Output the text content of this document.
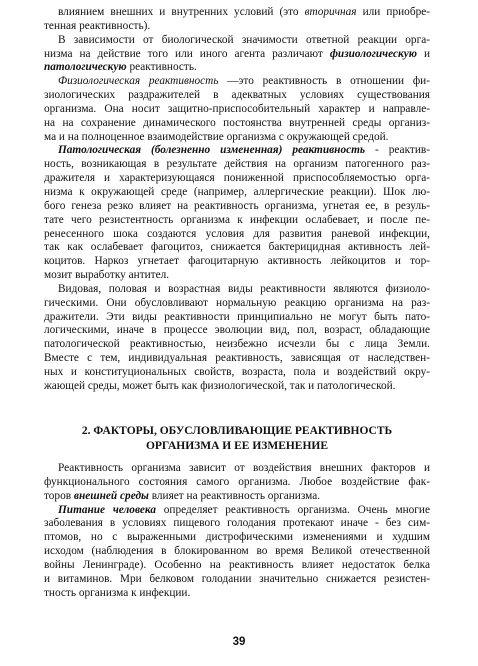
влиянием внешних и внутренних условий (это вторичная или приобре-
тенная реактивность).
В зависимости от биологической значимости ответной реакции орга-
низма на действие того или иного агента различают физиологическую и
патологическую реактивность.
Физиологическая реактивность —это реактивность в отношении фи-
зиологических раздражителей в адекватных условиях существования
организма. Она носит защитно-приспособительный характер и направле-
на на сохранение динамического постоянства внутренней среды организ-
ма и на полноценное взаимодействие организма с окружающей средой.
Патологическая (болезненно измененная) реактивность - реактив-
ность, возникающая в результате действия на организм патогенного раз-
дражителя и характеризующаяся пониженной приспособляемостью орга-
низма к окружающей среде (например, аллергические реакции). Шок лю-
бого генеза резко влияет на реактивность организма, угнетая ее, в резуль-
тате чего резистентность организма к инфекции ослабевает, и после пе-
ренесенного шока создаются условия для развития раневой инфекции,
так как ослабевает фагоцитоз, снижается бактерицидная активность лей-
коцитов. Наркоз угнетает фагоцитарную активность лейкоцитов и тор-
мозит выработку антител.
Видовая, половая и возрастная виды реактивности являются физиоло-
гическими. Они обусловливают нормальную реакцию организма на раз-
дражители. Эти виды реактивности принципиально не могут быть пато-
логическими, иначе в процессе эволюции вид, пол, возраст, обладающие
патологической реактивностью, неизбежно исчезли бы с лица Земли.
Вместе с тем, индивидуальная реактивность, зависящая от наследствен-
ных и конституциональных свойств, возраста, пола и воздействий окру-
жающей среды, может быть как физиологической, так и патологической.
2. ФАКТОРЫ, ОБУСЛОВЛИВАЮЩИЕ РЕАКТИВНОСТЬ
ОРГАНИЗМА И ЕЕ ИЗМЕНЕНИЕ
Реактивность организма зависит от воздействия внешних факторов и
функционального состояния самого организма. Любое воздействие фак-
торов внешней среды влияет на реактивность организма.
Питание человека определяет реактивность организма. Очень многие
заболевания в условиях пищевого голодания протекают иначе - без сим-
птомов, но с выраженными дистрофическими изменениями и худшим
исходом (наблюдения в блокированном во время Великой отечественной
войны Ленинграде). Особенно на реактивность влияет недостаток белка
и витаминов. Мри белковом голодании значительно снижается резистен-
тность организма к инфекции.
39
